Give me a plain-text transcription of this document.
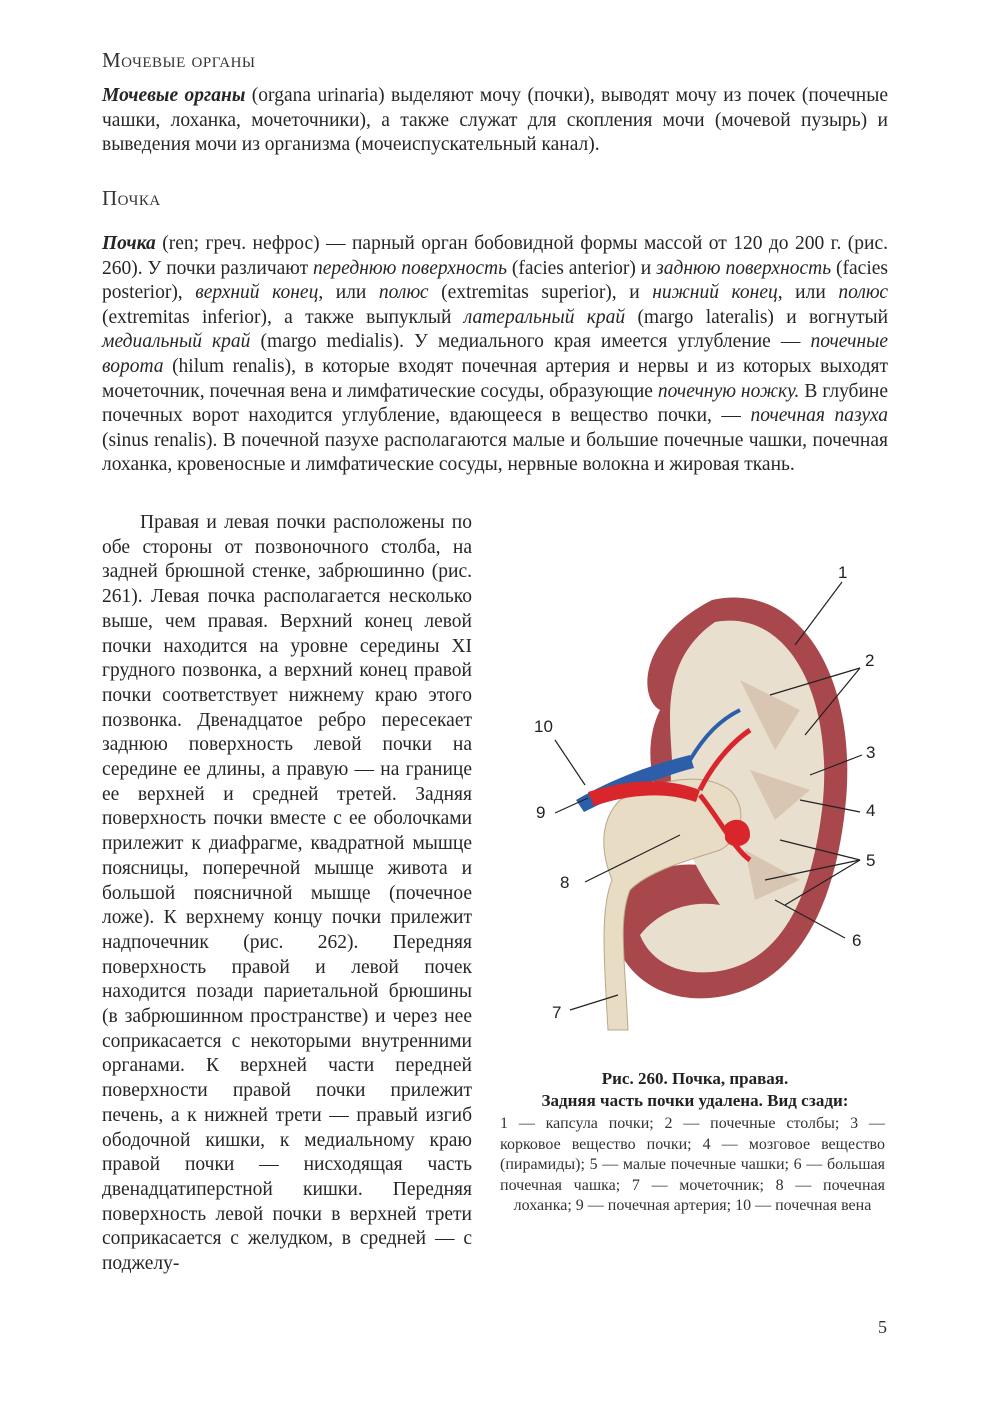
Мочевые органы

Мочевые органы (organa urinaria) выделяют мочу (почки), выводят мочу из почек (почечные чашки, лоханка, мочеточники), а также служат для скопления мочи (мочевой пузырь) и выведения мочи из организма (мочеиспускательный канал).

Почка

Почка (ren; греч. нефрос) — парный орган бобовидной формы массой от 120 до 200 г. (рис. 260). У почки различают переднюю поверхность (facies anterior) и заднюю поверхность (facies posterior), верхний конец, или полюс (extremitas superior), и нижний конец, или полюс (extremitas inferior), а также выпуклый латеральный край (margo lateralis) и вогнутый медиальный край (margo medialis). У медиального края имеется углубление — почечные ворота (hilum renalis), в которые входят почечная артерия и нервы и из которых выходят мочеточник, почечная вена и лимфатические сосуды, образующие почечную ножку. В глубине почечных ворот находится углубление, вдающееся в вещество почки, — почечная пазуха (sinus renalis). В почечной пазухе располагаются малые и большие почечные чашки, почечная лоханка, кровеносные и лимфатические сосуды, нервные волокна и жировая ткань.

Правая и левая почки расположены по обе стороны от позвоночного столба, на задней брюшной стенке, забрюшинно (рис. 261). Левая почка располагается несколько выше, чем правая. Верхний конец левой почки находится на уровне середины XI грудного позвонка, а верхний конец правой почки соответствует нижнему краю этого позвонка. Двенадцатое ребро пересекает заднюю поверхность левой почки на середине ее длины, а правую — на границе ее верхней и средней третей. Задняя поверхность почки вместе с ее оболочками прилежит к диафрагме, квадратной мышце поясницы, поперечной мышце живота и большой поясничной мышце (почечное ложе). К верхнему концу почки прилежит надпочечник (рис. 262). Передняя поверхность правой и левой почек находится позади париетальной брюшины (в забрюшинном пространстве) и через нее соприкасается с некоторыми внутренними органами. К верхней части передней поверхности правой почки прилежит печень, а к нижней трети — правый изгиб ободочной кишки, к медиальному краю правой почки — нисходящая часть двенадцатиперстной кишки. Передняя поверхность левой почки в верхней трети соприкасается с желудком, в средней — с поджелу-

1
2
3
4
5
6
7
8
9
10

Рис. 260. Почка, правая.

Задняя часть почки удалена. Вид сзади:

1 — капсула почки; 2 — почечные столбы; 3 — корковое вещество почки; 4 — мозговое вещество (пирамиды); 5 — малые почечные чашки; 6 — большая почечная чашка; 7 — мочеточник; 8 — почечная лоханка; 9 — почечная артерия; 10 — почечная вена

5
